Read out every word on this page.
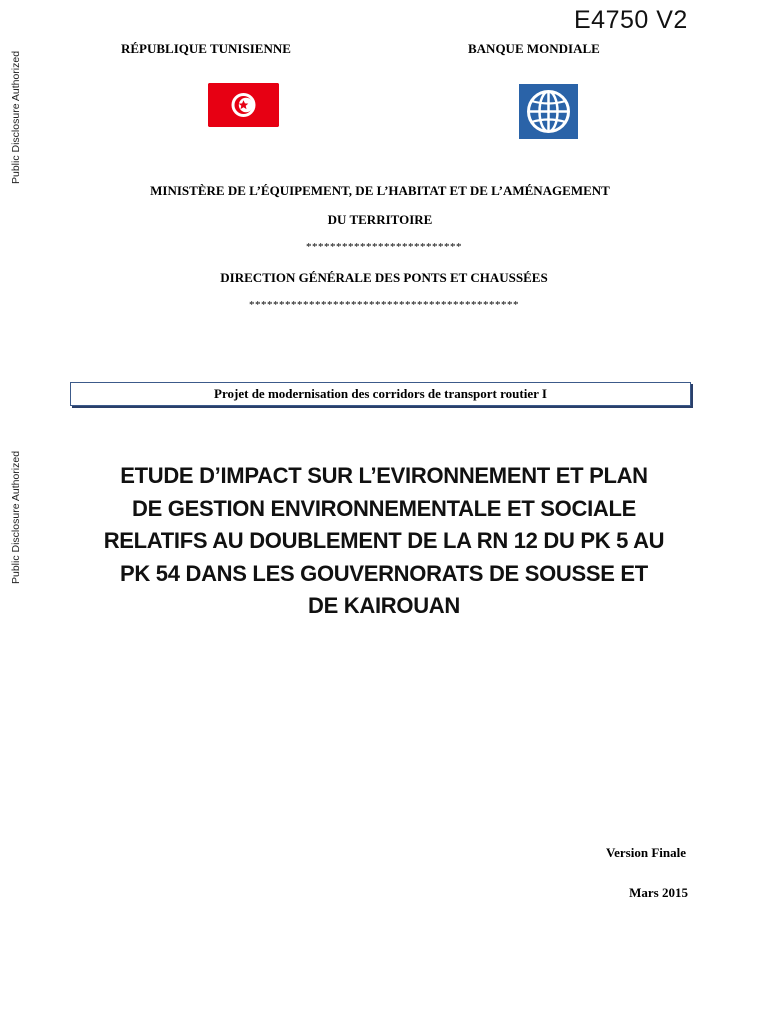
E4750 V2
Public Disclosure Authorized
Public Disclosure Authorized
RÉPUBLIQUE TUNISIENNE	BANQUE MONDIALE
MINISTÈRE DE L’ÉQUIPEMENT, DE L’HABITAT ET DE L’AMÉNAGEMENT
DU TERRITOIRE
**************************
DIRECTION GÉNÉRALE DES PONTS ET CHAUSSÉES
*********************************************
Projet de modernisation des corridors de transport routier I
ETUDE D’IMPACT SUR L’EVIRONNEMENT ET PLAN
DE GESTION ENVIRONNEMENTALE ET SOCIALE
RELATIFS AU DOUBLEMENT DE LA RN 12 DU PK 5 AU
PK 54 DANS LES GOUVERNORATS DE SOUSSE ET
DE KAIROUAN
Version Finale
Mars 2015
